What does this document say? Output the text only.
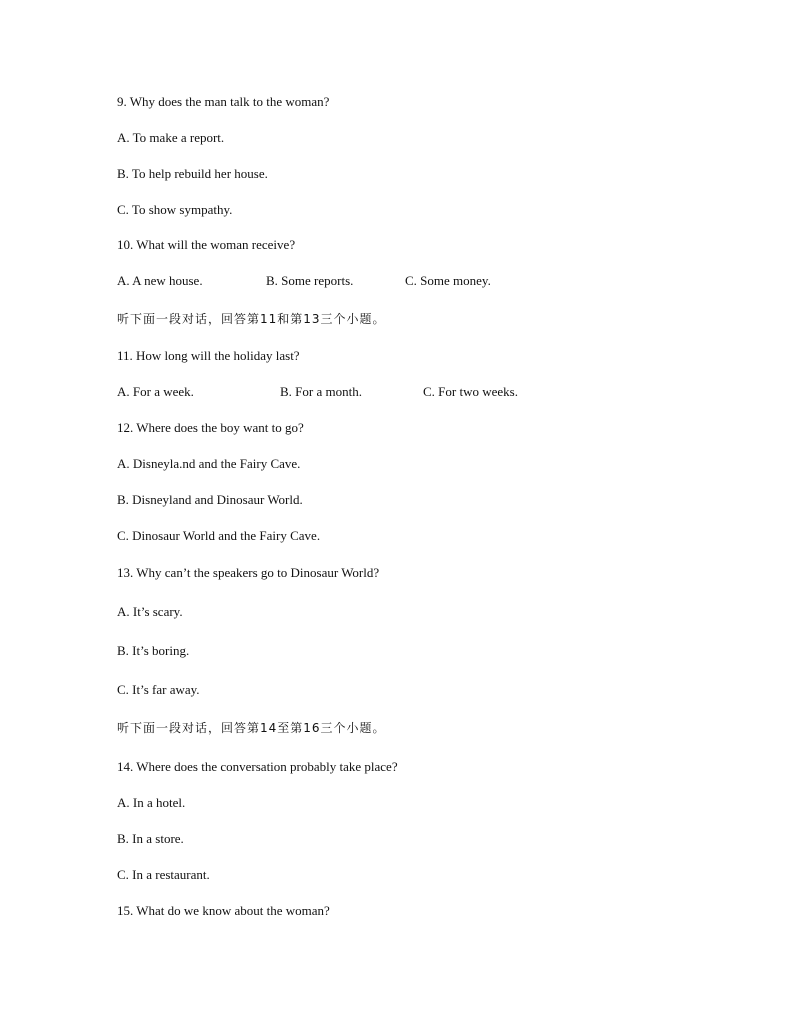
9. Why does the man talk to the woman?
A. To make a report.
B. To help rebuild her house.
C. To show sympathy.
10. What will the woman receive?
A. A new house.	B. Some reports.	C. Some money.
听下面一段对话，回答第11和第13三个小题。
11. How long will the holiday last?
A. For a week.	B. For a month.	C. For two weeks.
12. Where does the boy want to go?
A. Disneyla.nd and the Fairy Cave.
B. Disneyland and Dinosaur World.
C. Dinosaur World and the Fairy Cave.
13. Why can’t the speakers go to Dinosaur World?
A. It’s scary.
B. It’s boring.
C. It’s far away.
听下面一段对话，回答第14至第16三个小题。
14. Where does the conversation probably take place?
A. In a hotel.
B. In a store.
C. In a restaurant.
15. What do we know about the woman?
